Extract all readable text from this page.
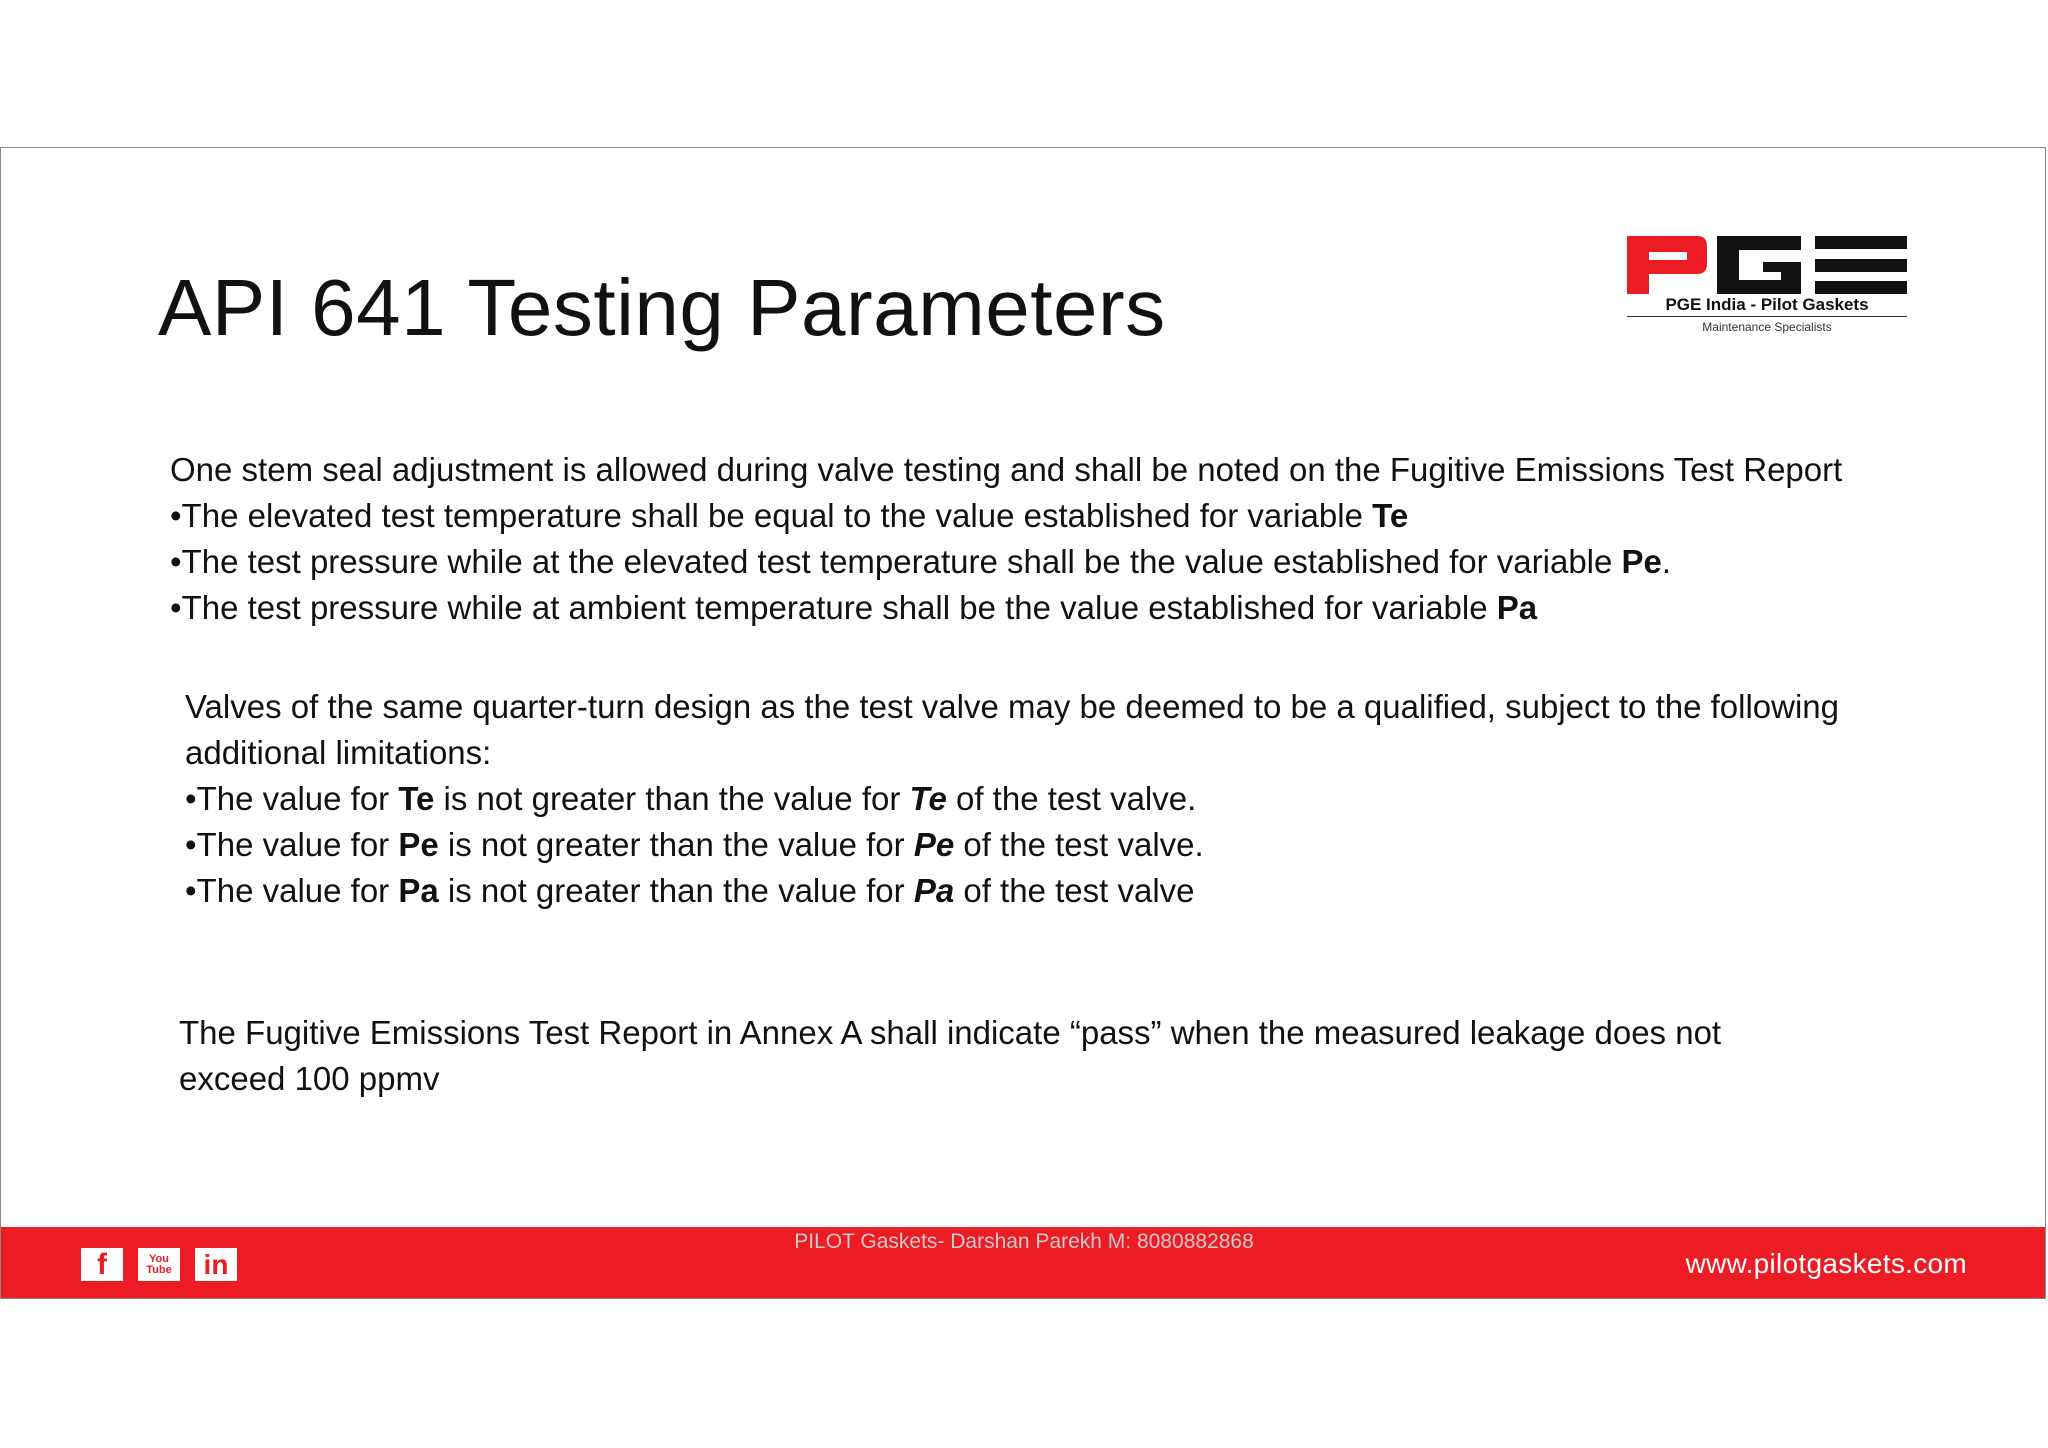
API 641 Testing Parameters	PGE India - Pilot Gaskets
Maintenance Specialists

One stem seal adjustment is allowed during valve testing and shall be noted on the Fugitive Emissions Test Report

•The elevated test temperature shall be equal to the value established for variable Te

•The test pressure while at the elevated test temperature shall be the value established for variable Pe.

•The test pressure while at ambient temperature shall be the value established for variable Pa

Valves of the same quarter-turn design as the test valve may be deemed to be a qualified, subject to the following

additional limitations:

•The value for Te is not greater than the value for Te of the test valve.

•The value for Pe is not greater than the value for Pe of the test valve.

•The value for Pa is not greater than the value for Pa of the test valve

The Fugitive Emissions Test Report in Annex A shall indicate “pass” when the measured leakage does not

exceed 100 ppmv

f	You
Tube	in
PILOT Gaskets- Darshan Parekh M: 8080882868
www.pilotgaskets.com
